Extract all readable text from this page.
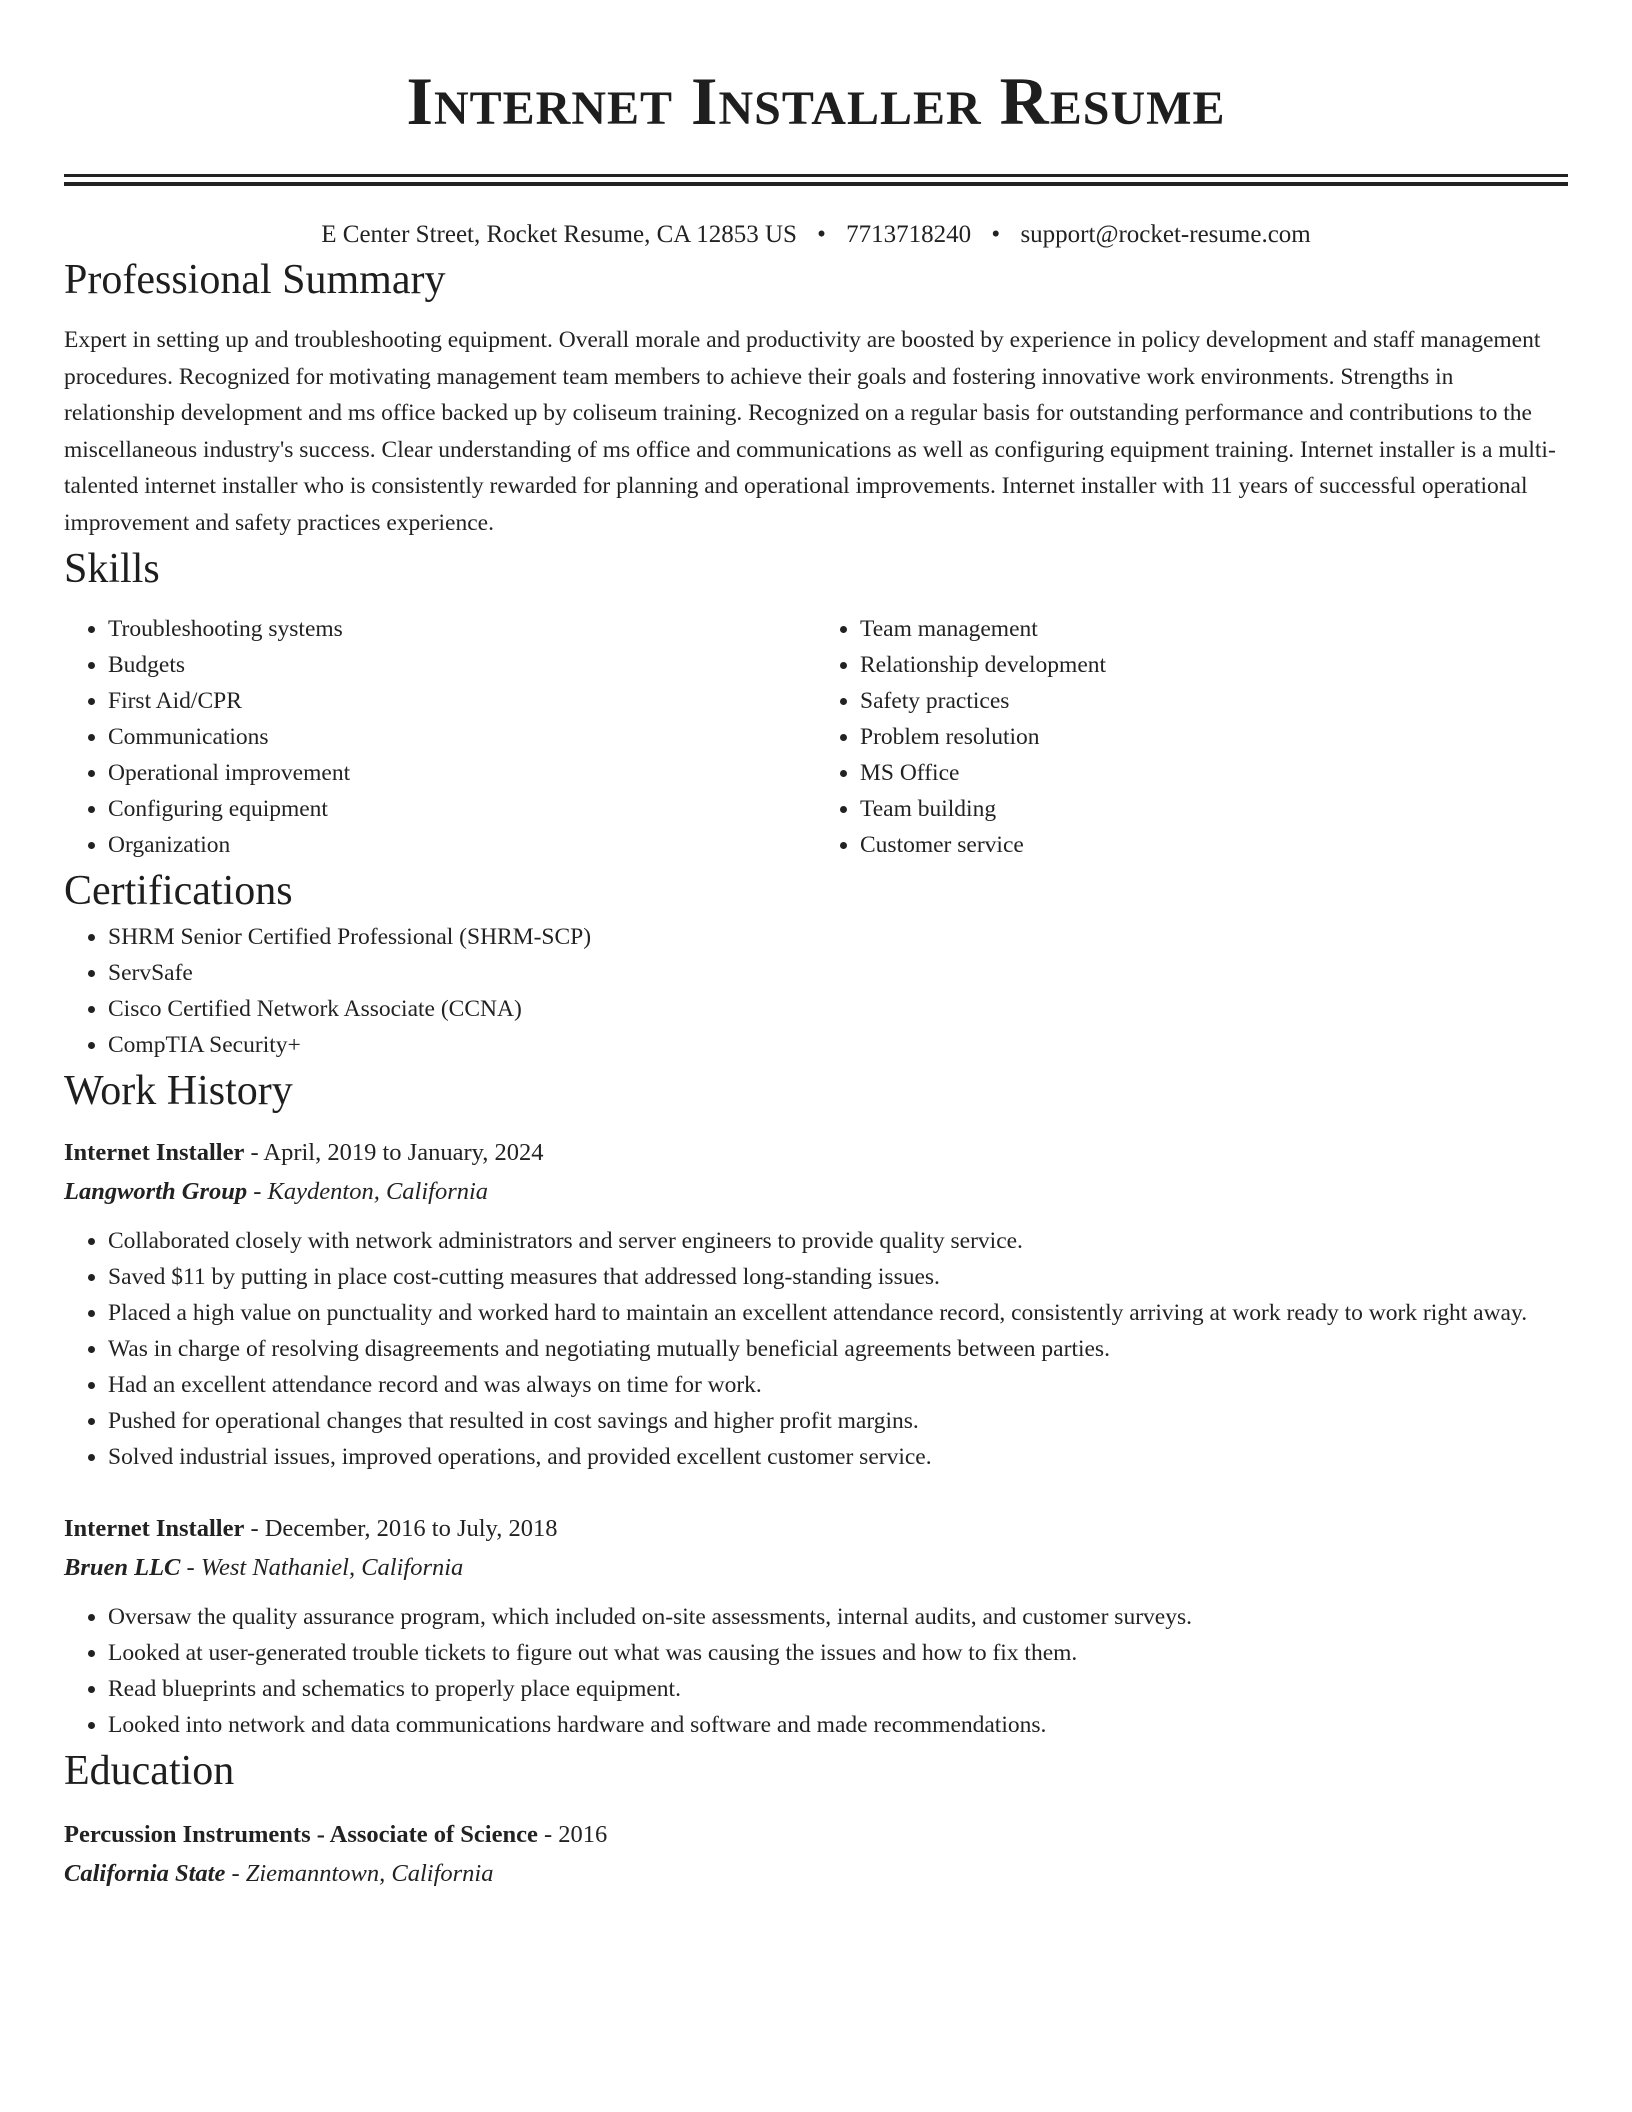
Internet Installer Resume
E Center Street, Rocket Resume, CA 12853 US • 7713718240 • support@rocket-resume.com
Professional Summary

Expert in setting up and troubleshooting equipment. Overall morale and productivity are boosted by experience in policy development and staff management procedures. Recognized for motivating management team members to achieve their goals and fostering innovative work environments. Strengths in relationship development and ms office backed up by coliseum training. Recognized on a regular basis for outstanding performance and contributions to the miscellaneous industry's success. Clear understanding of ms office and communications as well as configuring equipment training. Internet installer is a multi-talented internet installer who is consistently rewarded for planning and operational improvements. Internet installer with 11 years of successful operational improvement and safety practices experience.

Skills
• Troubleshooting systems
• Budgets
• First Aid/CPR
• Communications
• Operational improvement
• Configuring equipment
• Organization
• Team management
• Relationship development
• Safety practices
• Problem resolution
• MS Office
• Team building
• Customer service
Certifications
• SHRM Senior Certified Professional (SHRM-SCP)
• ServSafe
• Cisco Certified Network Associate (CCNA)
• CompTIA Security+
Work History
Internet Installer - April, 2019 to January, 2024
Langworth Group - Kaydenton, California
• Collaborated closely with network administrators and server engineers to provide quality service.
• Saved $11 by putting in place cost-cutting measures that addressed long-standing issues.
• Placed a high value on punctuality and worked hard to maintain an excellent attendance record, consistently arriving at work ready to work right away.
• Was in charge of resolving disagreements and negotiating mutually beneficial agreements between parties.
• Had an excellent attendance record and was always on time for work.
• Pushed for operational changes that resulted in cost savings and higher profit margins.
• Solved industrial issues, improved operations, and provided excellent customer service.
Internet Installer - December, 2016 to July, 2018
Bruen LLC - West Nathaniel, California
• Oversaw the quality assurance program, which included on-site assessments, internal audits, and customer surveys.
• Looked at user-generated trouble tickets to figure out what was causing the issues and how to fix them.
• Read blueprints and schematics to properly place equipment.
• Looked into network and data communications hardware and software and made recommendations.
Education
Percussion Instruments - Associate of Science - 2016
California State - Ziemanntown, California
